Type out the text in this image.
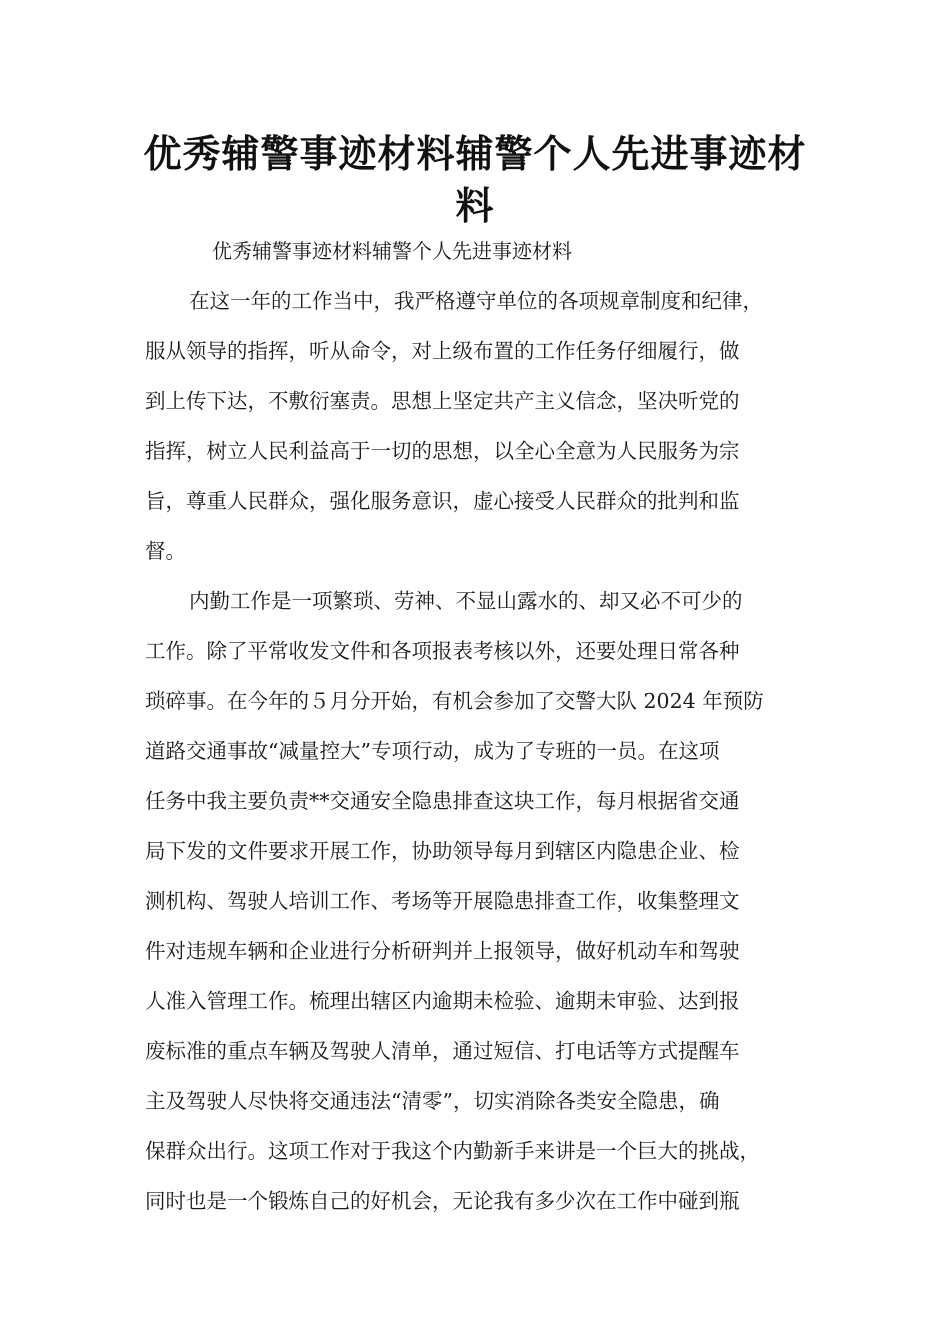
优秀辅警事迹材料辅警个人先进事迹材
料

优秀辅警事迹材料辅警个人先进事迹材料

在这一年的工作当中，我严格遵守单位的各项规章制度和纪律，
服从领导的指挥，听从命令，对上级布置的工作任务仔细履行，做
到上传下达，不敷衍塞责。思想上坚定共产主义信念，坚决听党的
指挥，树立人民利益高于一切的思想，以全心全意为人民服务为宗
旨，尊重人民群众，强化服务意识，虚心接受人民群众的批判和监
督。
内勤工作是一项繁琐、劳神、不显山露水的、却又必不可少的
工作。除了平常收发文件和各项报表考核以外，还要处理日常各种
琐碎事。在今年的５月分开始，有机会参加了交警大队 2024 年预防
道路交通事故“减量控大”专项行动，成为了专班的一员。在这项
任务中我主要负责**交通安全隐患排查这块工作，每月根据省交通
局下发的文件要求开展工作，协助领导每月到辖区内隐患企业、检
测机构、驾驶人培训工作、考场等开展隐患排查工作，收集整理文
件对违规车辆和企业进行分析研判并上报领导，做好机动车和驾驶
人准入管理工作。梳理出辖区内逾期未检验、逾期未审验、达到报
废标准的重点车辆及驾驶人清单，通过短信、打电话等方式提醒车
主及驾驶人尽快将交通违法“清零”，切实消除各类安全隐患，确
保群众出行。这项工作对于我这个内勤新手来讲是一个巨大的挑战，
同时也是一个锻炼自己的好机会，无论我有多少次在工作中碰到瓶
